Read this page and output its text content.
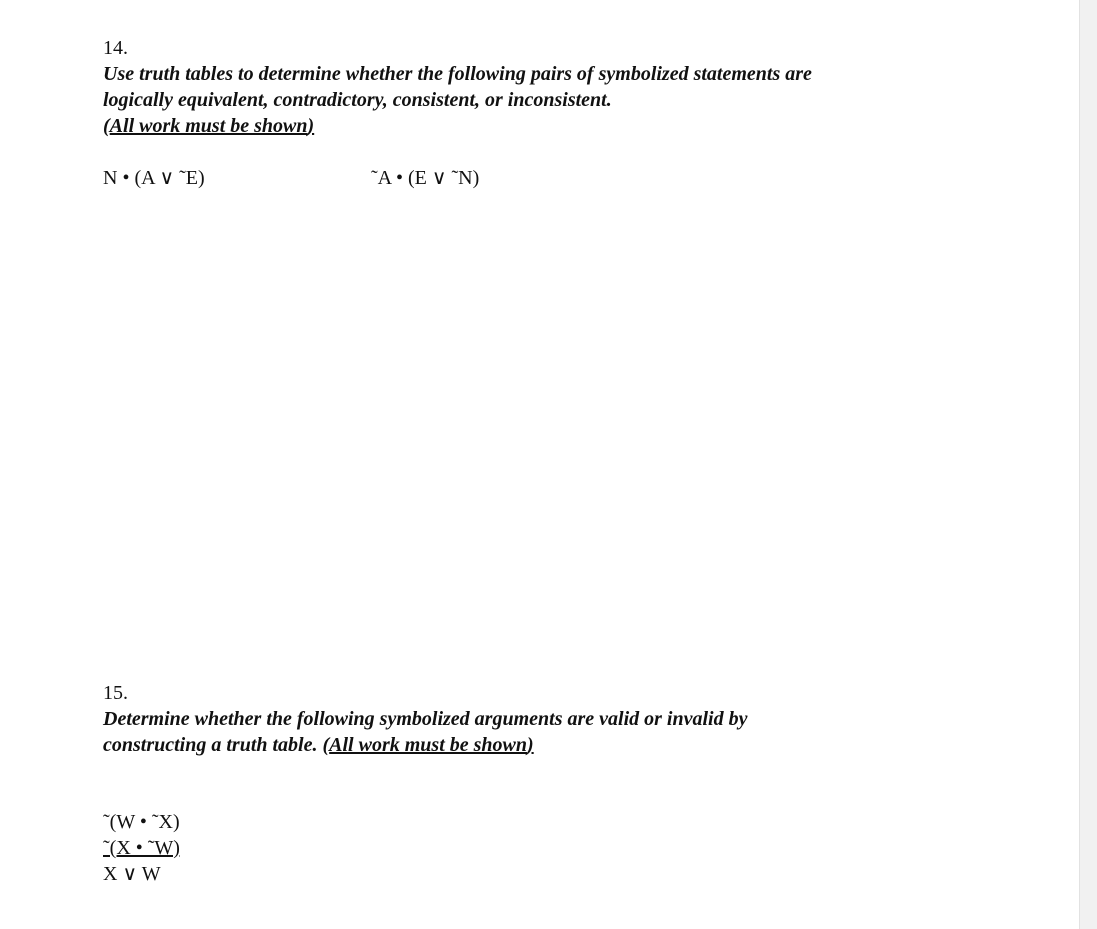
14.
Use truth tables to determine whether the following pairs of symbolized statements are
logically equivalent, contradictory, consistent, or inconsistent.
(All work must be shown)
N • (A ∨ ˜E)	˜A • (E ∨ ˜N)
15.
Determine whether the following symbolized arguments are valid or invalid by
constructing a truth table. (All work must be shown)
˜(W • ˜X)
˜(X • ˜W)
X ∨ W
